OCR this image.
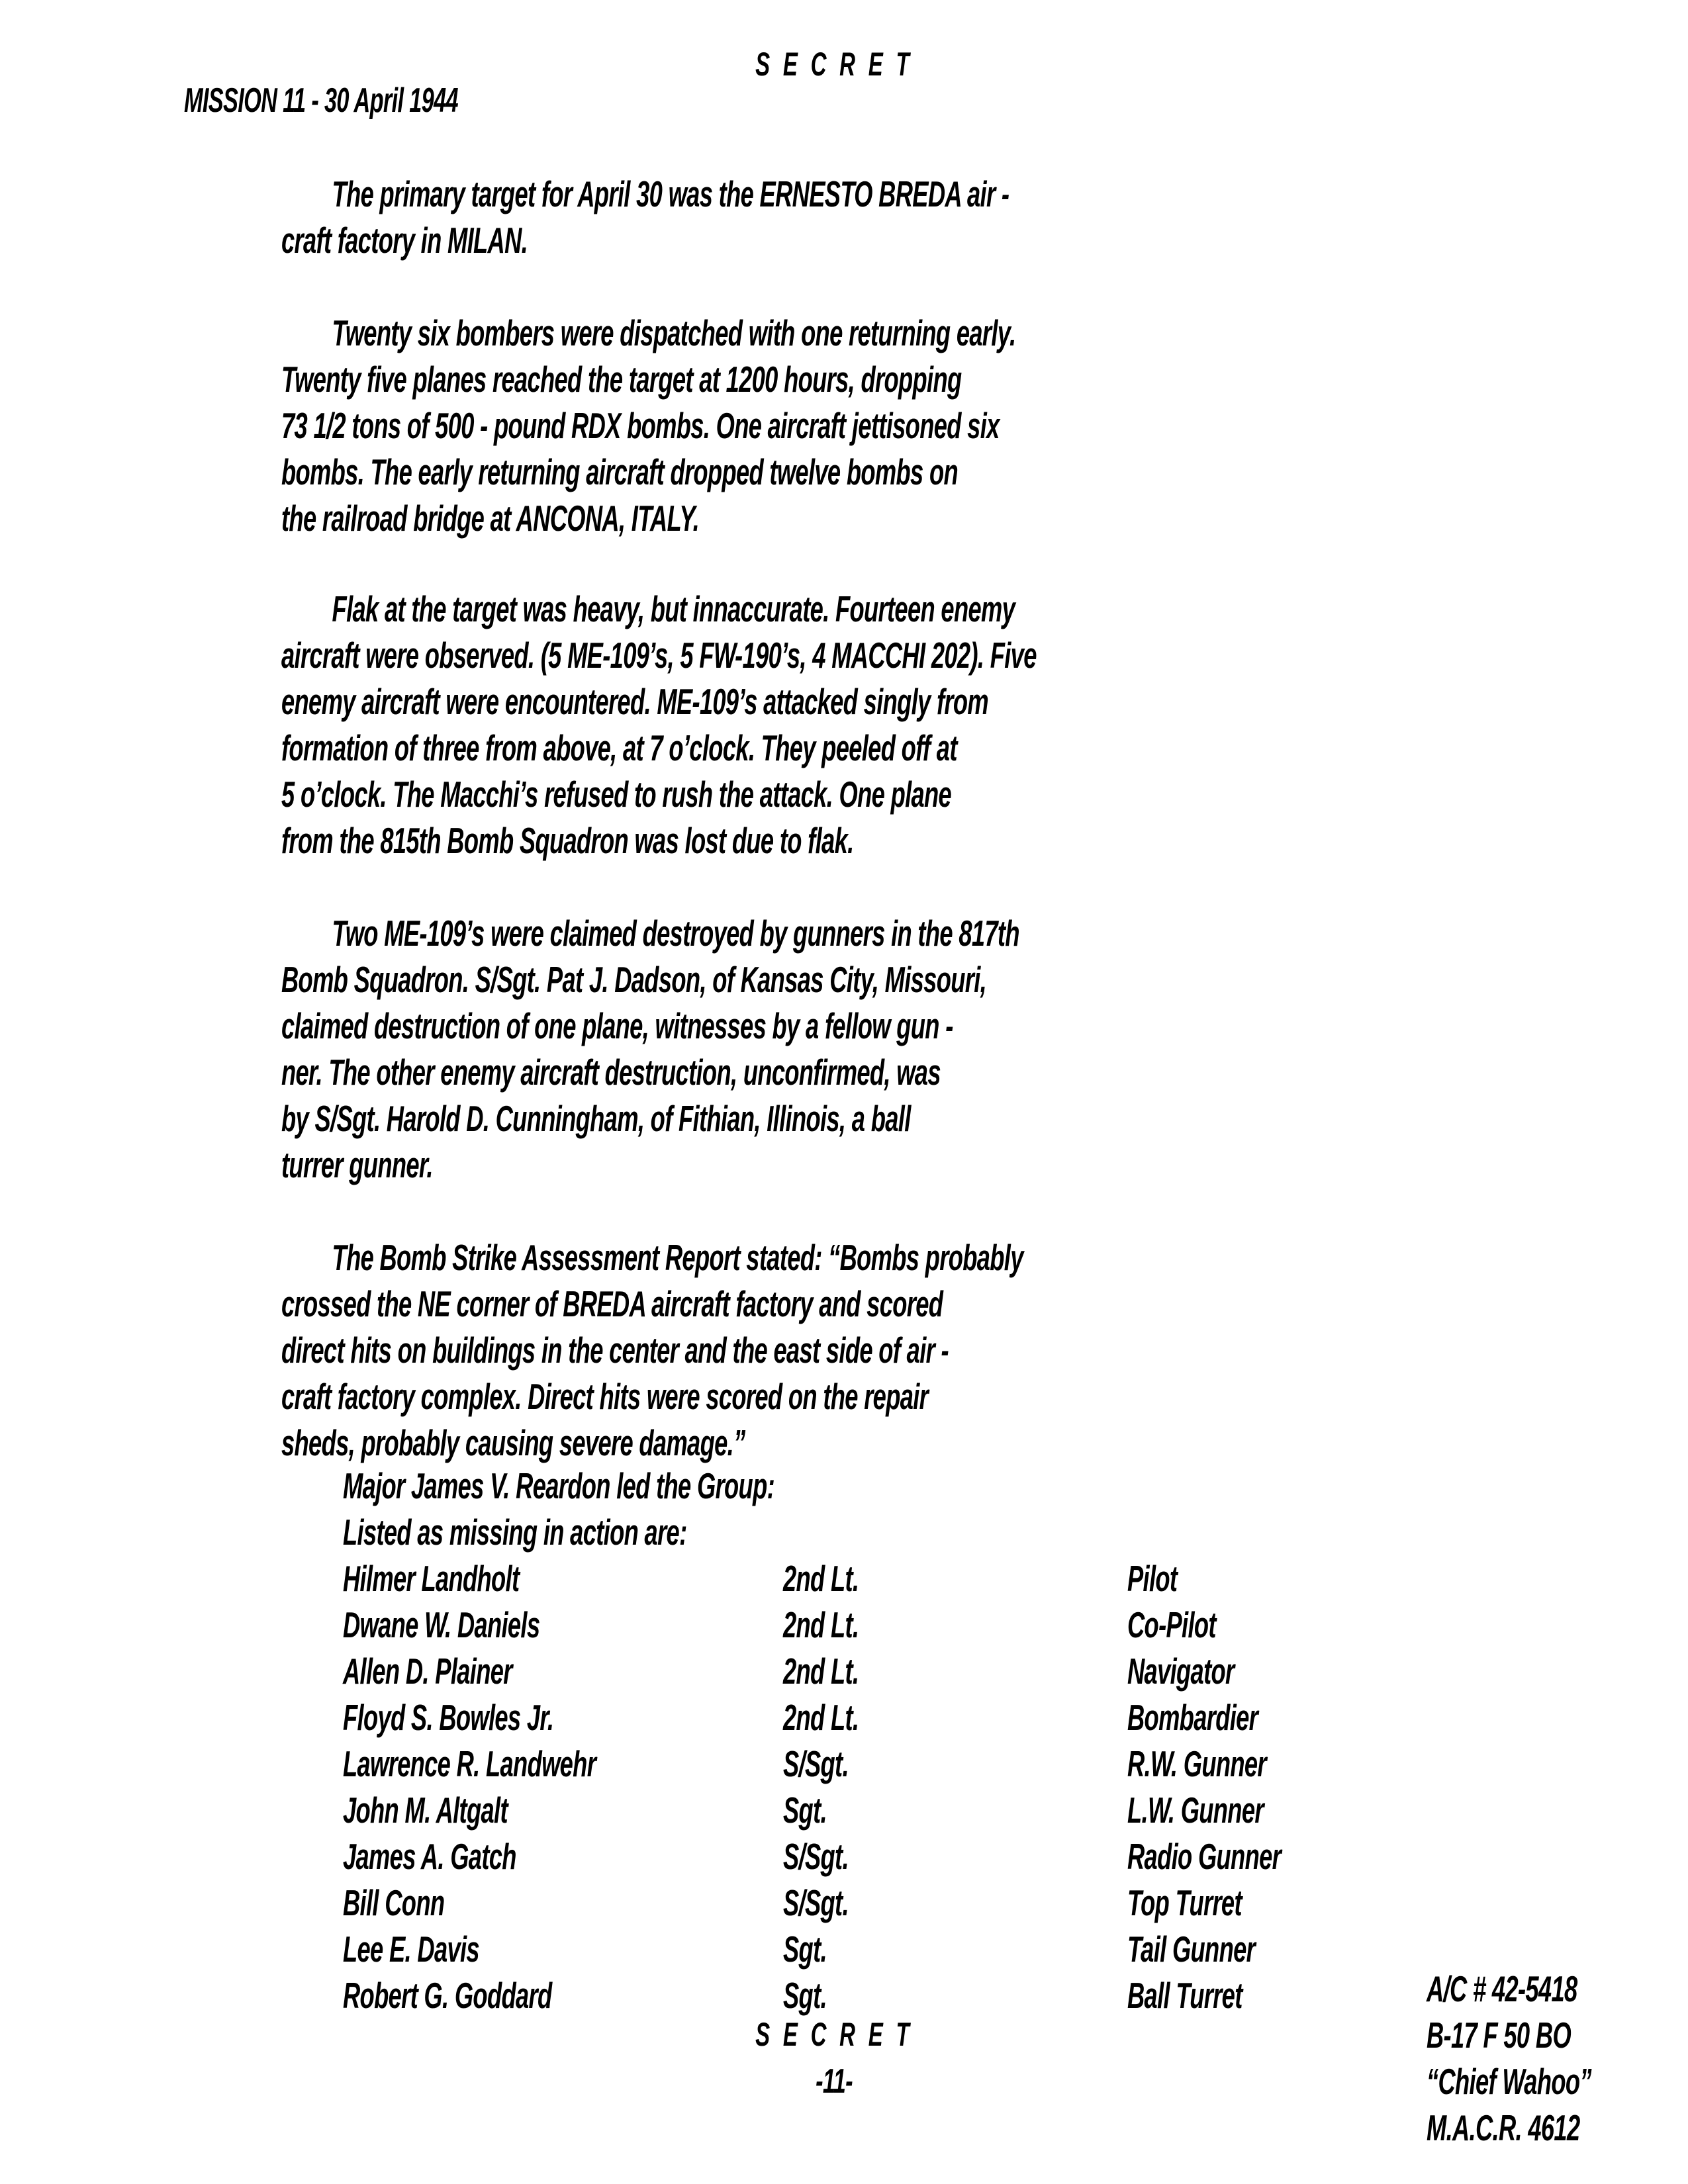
S E C R E T
MISSION 11 - 30 April 1944
The primary target for April 30 was the ERNESTO BREDA air -
craft factory in MILAN.
Twenty six bombers were dispatched with one returning early.
Twenty five planes reached the target at 1200 hours, dropping
73 1/2 tons of 500 - pound RDX bombs. One aircraft jettisoned six
bombs. The early returning aircraft dropped twelve bombs on
the railroad bridge at ANCONA, ITALY.
Flak at the target was heavy, but innaccurate. Fourteen enemy
aircraft were observed. (5 ME-109’s, 5 FW-190’s, 4 MACCHI 202). Five
enemy aircraft were encountered. ME-109’s attacked singly from
formation of three from above, at 7 o’clock. They peeled off at
5 o’clock. The Macchi’s refused to rush the attack. One plane
from the 815th Bomb Squadron was lost due to flak.
Two ME-109’s were claimed destroyed by gunners in the 817th
Bomb Squadron. S/Sgt. Pat J. Dadson, of Kansas City, Missouri,
claimed destruction of one plane, witnesses by a fellow gun -
ner. The other enemy aircraft destruction, unconfirmed, was
by S/Sgt. Harold D. Cunningham, of Fithian, Illinois, a ball
turrer gunner.
The Bomb Strike Assessment Report stated: “Bombs probably
crossed the NE corner of BREDA aircraft factory and scored
direct hits on buildings in the center and the east side of air -
craft factory complex. Direct hits were scored on the repair
sheds, probably causing severe damage.”
Major James V. Reardon led the Group:
Listed as missing in action are:
Hilmer Landholt	2nd Lt.	Pilot
Dwane W. Daniels	2nd Lt.	Co-Pilot
Allen D. Plainer	2nd Lt.	Navigator
Floyd S. Bowles Jr.	2nd Lt.	Bombardier
Lawrence R. Landwehr	S/Sgt.	R.W. Gunner
John M. Altgalt	Sgt.	L.W. Gunner
James A. Gatch	S/Sgt.	Radio Gunner
Bill Conn	S/Sgt.	Top Turret
Lee E. Davis	Sgt.	Tail Gunner
Robert G. Goddard	Sgt.	Ball Turret
S E C R E T
-11-
A/C # 42-5418
B-17 F 50 BO
“Chief Wahoo”
M.A.C.R. 4612
